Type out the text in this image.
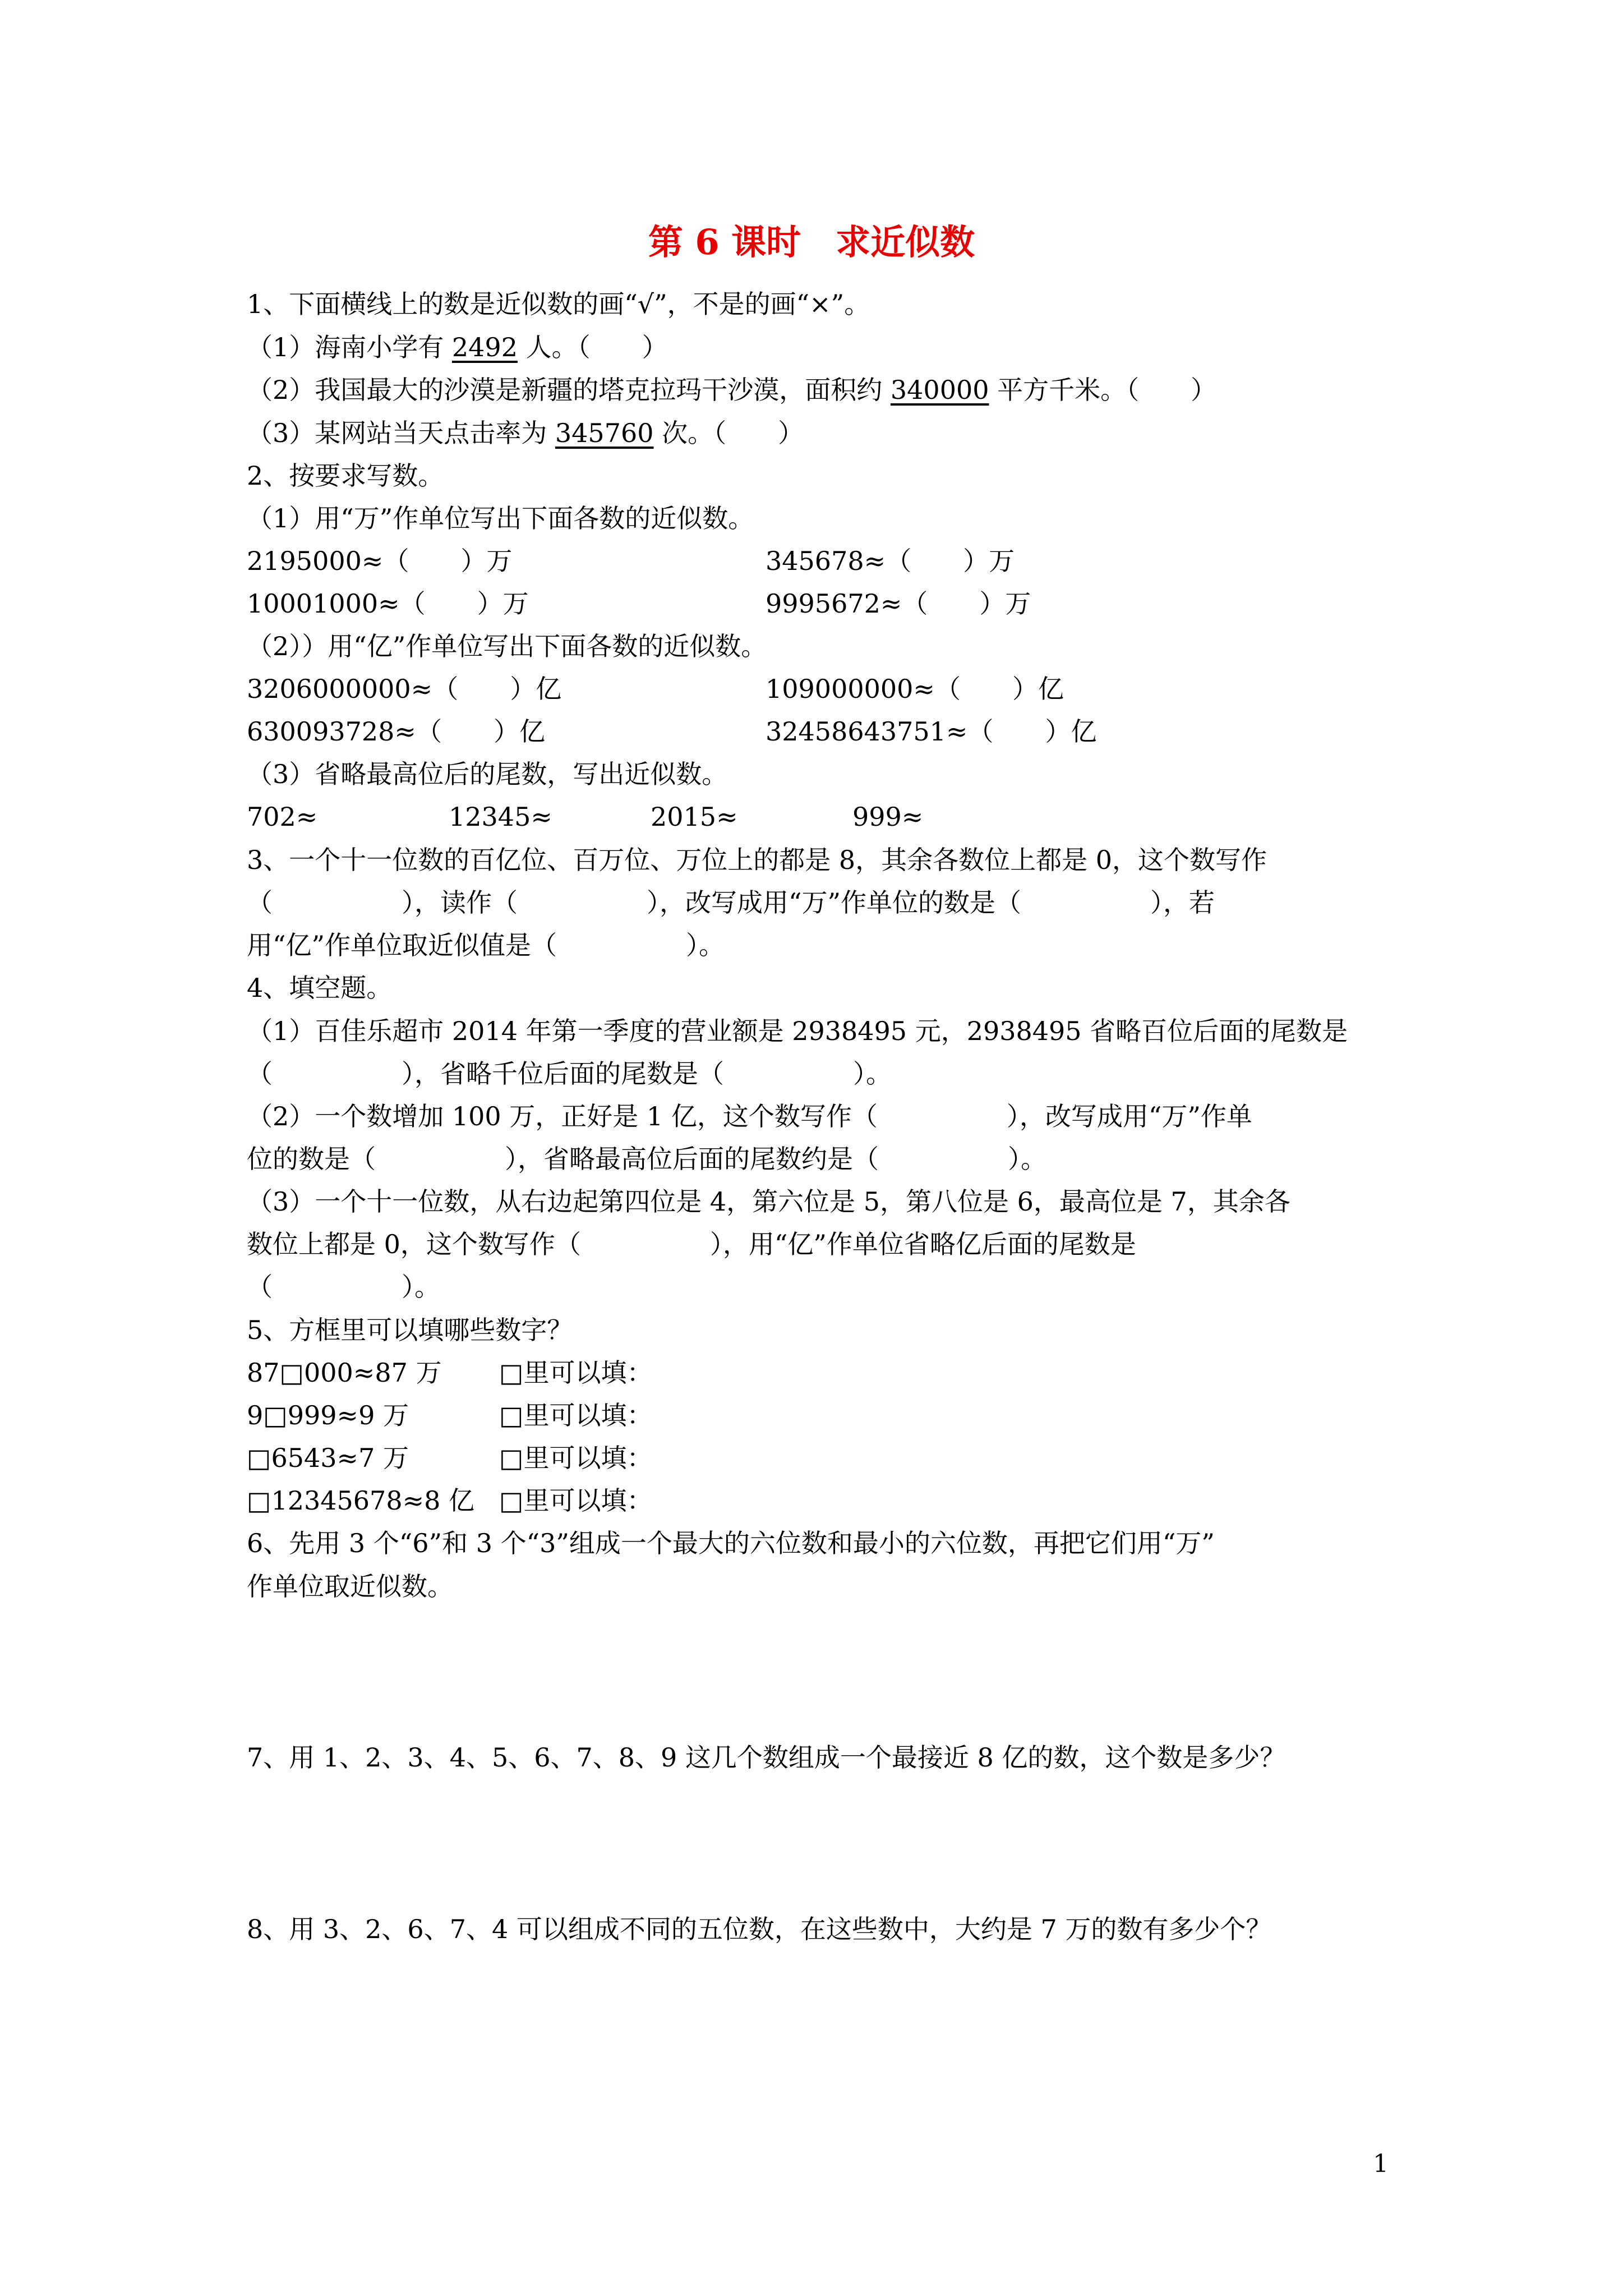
第 6 课时　求近似数
1、下面横线上的数是近似数的画“√”，不是的画“×”。
（1）海南小学有 2492 人。（　　）
（2）我国最大的沙漠是新疆的塔克拉玛干沙漠，面积约 340000 平方千米。（　　）
（3）某网站当天点击率为 345760 次。（　　）
2、按要求写数。
（1）用“万”作单位写出下面各数的近似数。
2195000≈（　　）万	345678≈（　　）万
10001000≈（　　）万	9995672≈（　　）万
（2））用“亿”作单位写出下面各数的近似数。
3206000000≈（　　）亿	109000000≈（　　）亿
630093728≈（　　）亿	32458643751≈（　　）亿
（3）省略最高位后的尾数，写出近似数。
702≈	12345≈	2015≈	999≈
3、一个十一位数的百亿位、百万位、万位上的都是 8，其余各数位上都是 0，这个数写作
（　　　　　），读作（　　　　　），改写成用“万”作单位的数是（　　　　　），若
用“亿”作单位取近似值是（　　　　　）。
4、填空题。
（1）百佳乐超市 2014 年第一季度的营业额是 2938495 元，2938495 省略百位后面的尾数是
（　　　　　），省略千位后面的尾数是（　　　　　）。
（2）一个数增加 100 万，正好是 1 亿，这个数写作（　　　　　），改写成用“万”作单
位的数是（　　　　　），省略最高位后面的尾数约是（　　　　　）。
（3）一个十一位数，从右边起第四位是 4，第六位是 5，第八位是 6，最高位是 7，其余各
数位上都是 0，这个数写作（　　　　　），用“亿”作单位省略亿后面的尾数是
（　　　　　）。
5、方框里可以填哪些数字？
87□000≈87 万 □里可以填：
9□999≈9 万	□里可以填：
□6543≈7 万	□里可以填：
□12345678≈8 亿 □里可以填：
6、先用 3 个“6”和 3 个“3”组成一个最大的六位数和最小的六位数，再把它们用“万”
作单位取近似数。
7、用 1、2、3、4、5、6、7、8、9 这几个数组成一个最接近 8 亿的数，这个数是多少？
8、用 3、2、6、7、4 可以组成不同的五位数，在这些数中，大约是 7 万的数有多少个？
1
